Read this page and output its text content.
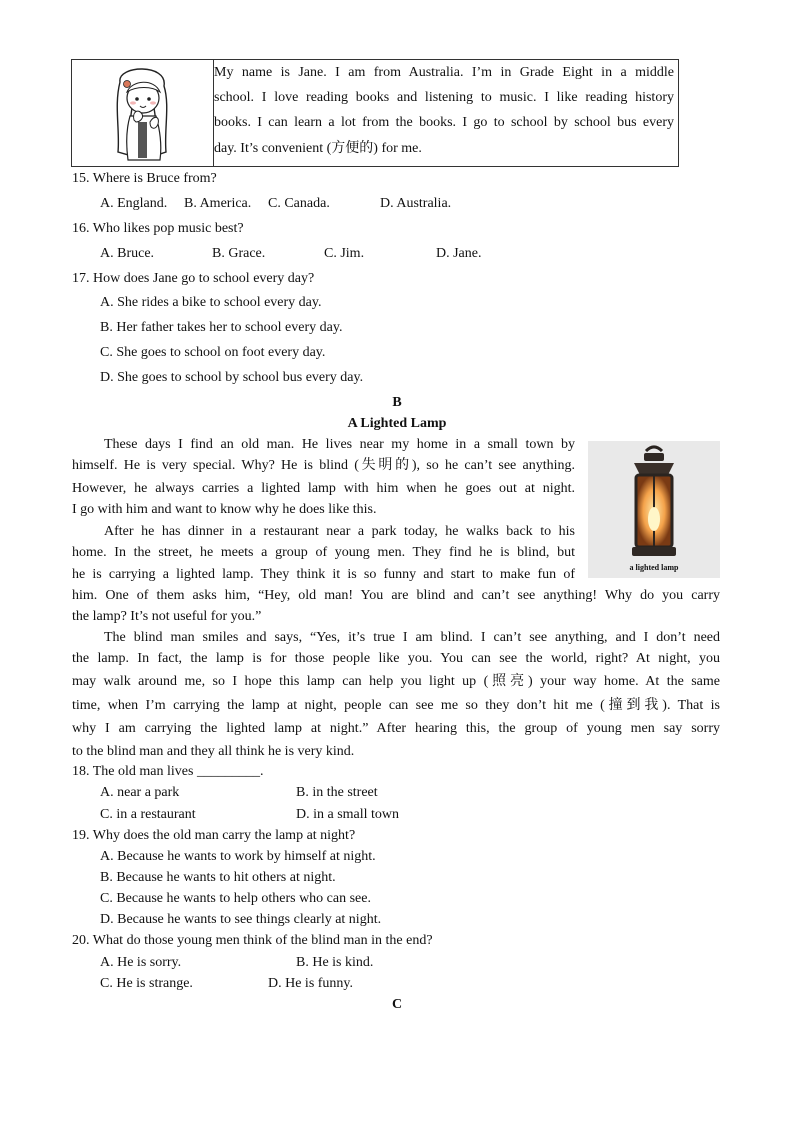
My name is Jane. I am from Australia. I’m in Grade Eight in a middle
school. I love reading books and listening to music. I like reading history
books. I can learn a lot from the books. I go to school by school bus every
day. It’s convenient (方便的) for me.
15. Where is Bruce from?
A. England. B. America. C. Canada.	D. Australia.
16. Who likes pop music best?
A. Bruce.	B. Grace.	C. Jim.	D. Jane.
17. How does Jane go to school every day?
A. She rides a bike to school every day.
B. Her father takes her to school every day.
C. She goes to school on foot every day.
D. She goes to school by school bus every day.
B
A Lighted Lamp
a lighted lamp
These days I find an old man. He lives near my home in a small town by
himself. He is very special. Why? He is blind (失明的), so he can’t see anything.
However, he always carries a lighted lamp with him when he goes out at night.
I go with him and want to know why he does like this.
After he has dinner in a restaurant near a park today, he walks back to his
home. In the street, he meets a group of young men. They find he is blind, but
he is carrying a lighted lamp. They think it is so funny and start to make fun of
him. One of them asks him, “Hey, old man! You are blind and can’t see anything! Why do you carry
the lamp? It’s not useful for you.”
The blind man smiles and says, “Yes, it’s true I am blind. I can’t see anything, and I don’t need
the lamp. In fact, the lamp is for those people like you. You can see the world, right? At night, you
may walk around me, so I hope this lamp can help you light up (照亮) your way home. At the same
time, when I’m carrying the lamp at night, people can see me so they don’t hit me (撞到我). That is
why I am carrying the lighted lamp at night.” After hearing this, the group of young men say sorry
to the blind man and they all think he is very kind.
18. The old man lives _________.
A. near a park	B. in the street
C. in a restaurant	D. in a small town
19. Why does the old man carry the lamp at night?
A. Because he wants to work by himself at night.
B. Because he wants to hit others at night.
C. Because he wants to help others who can see.
D. Because he wants to see things clearly at night.
20. What do those young men think of the blind man in the end?
A. He is sorry.	B. He is kind.
C. He is strange.	D. He is funny.
C
